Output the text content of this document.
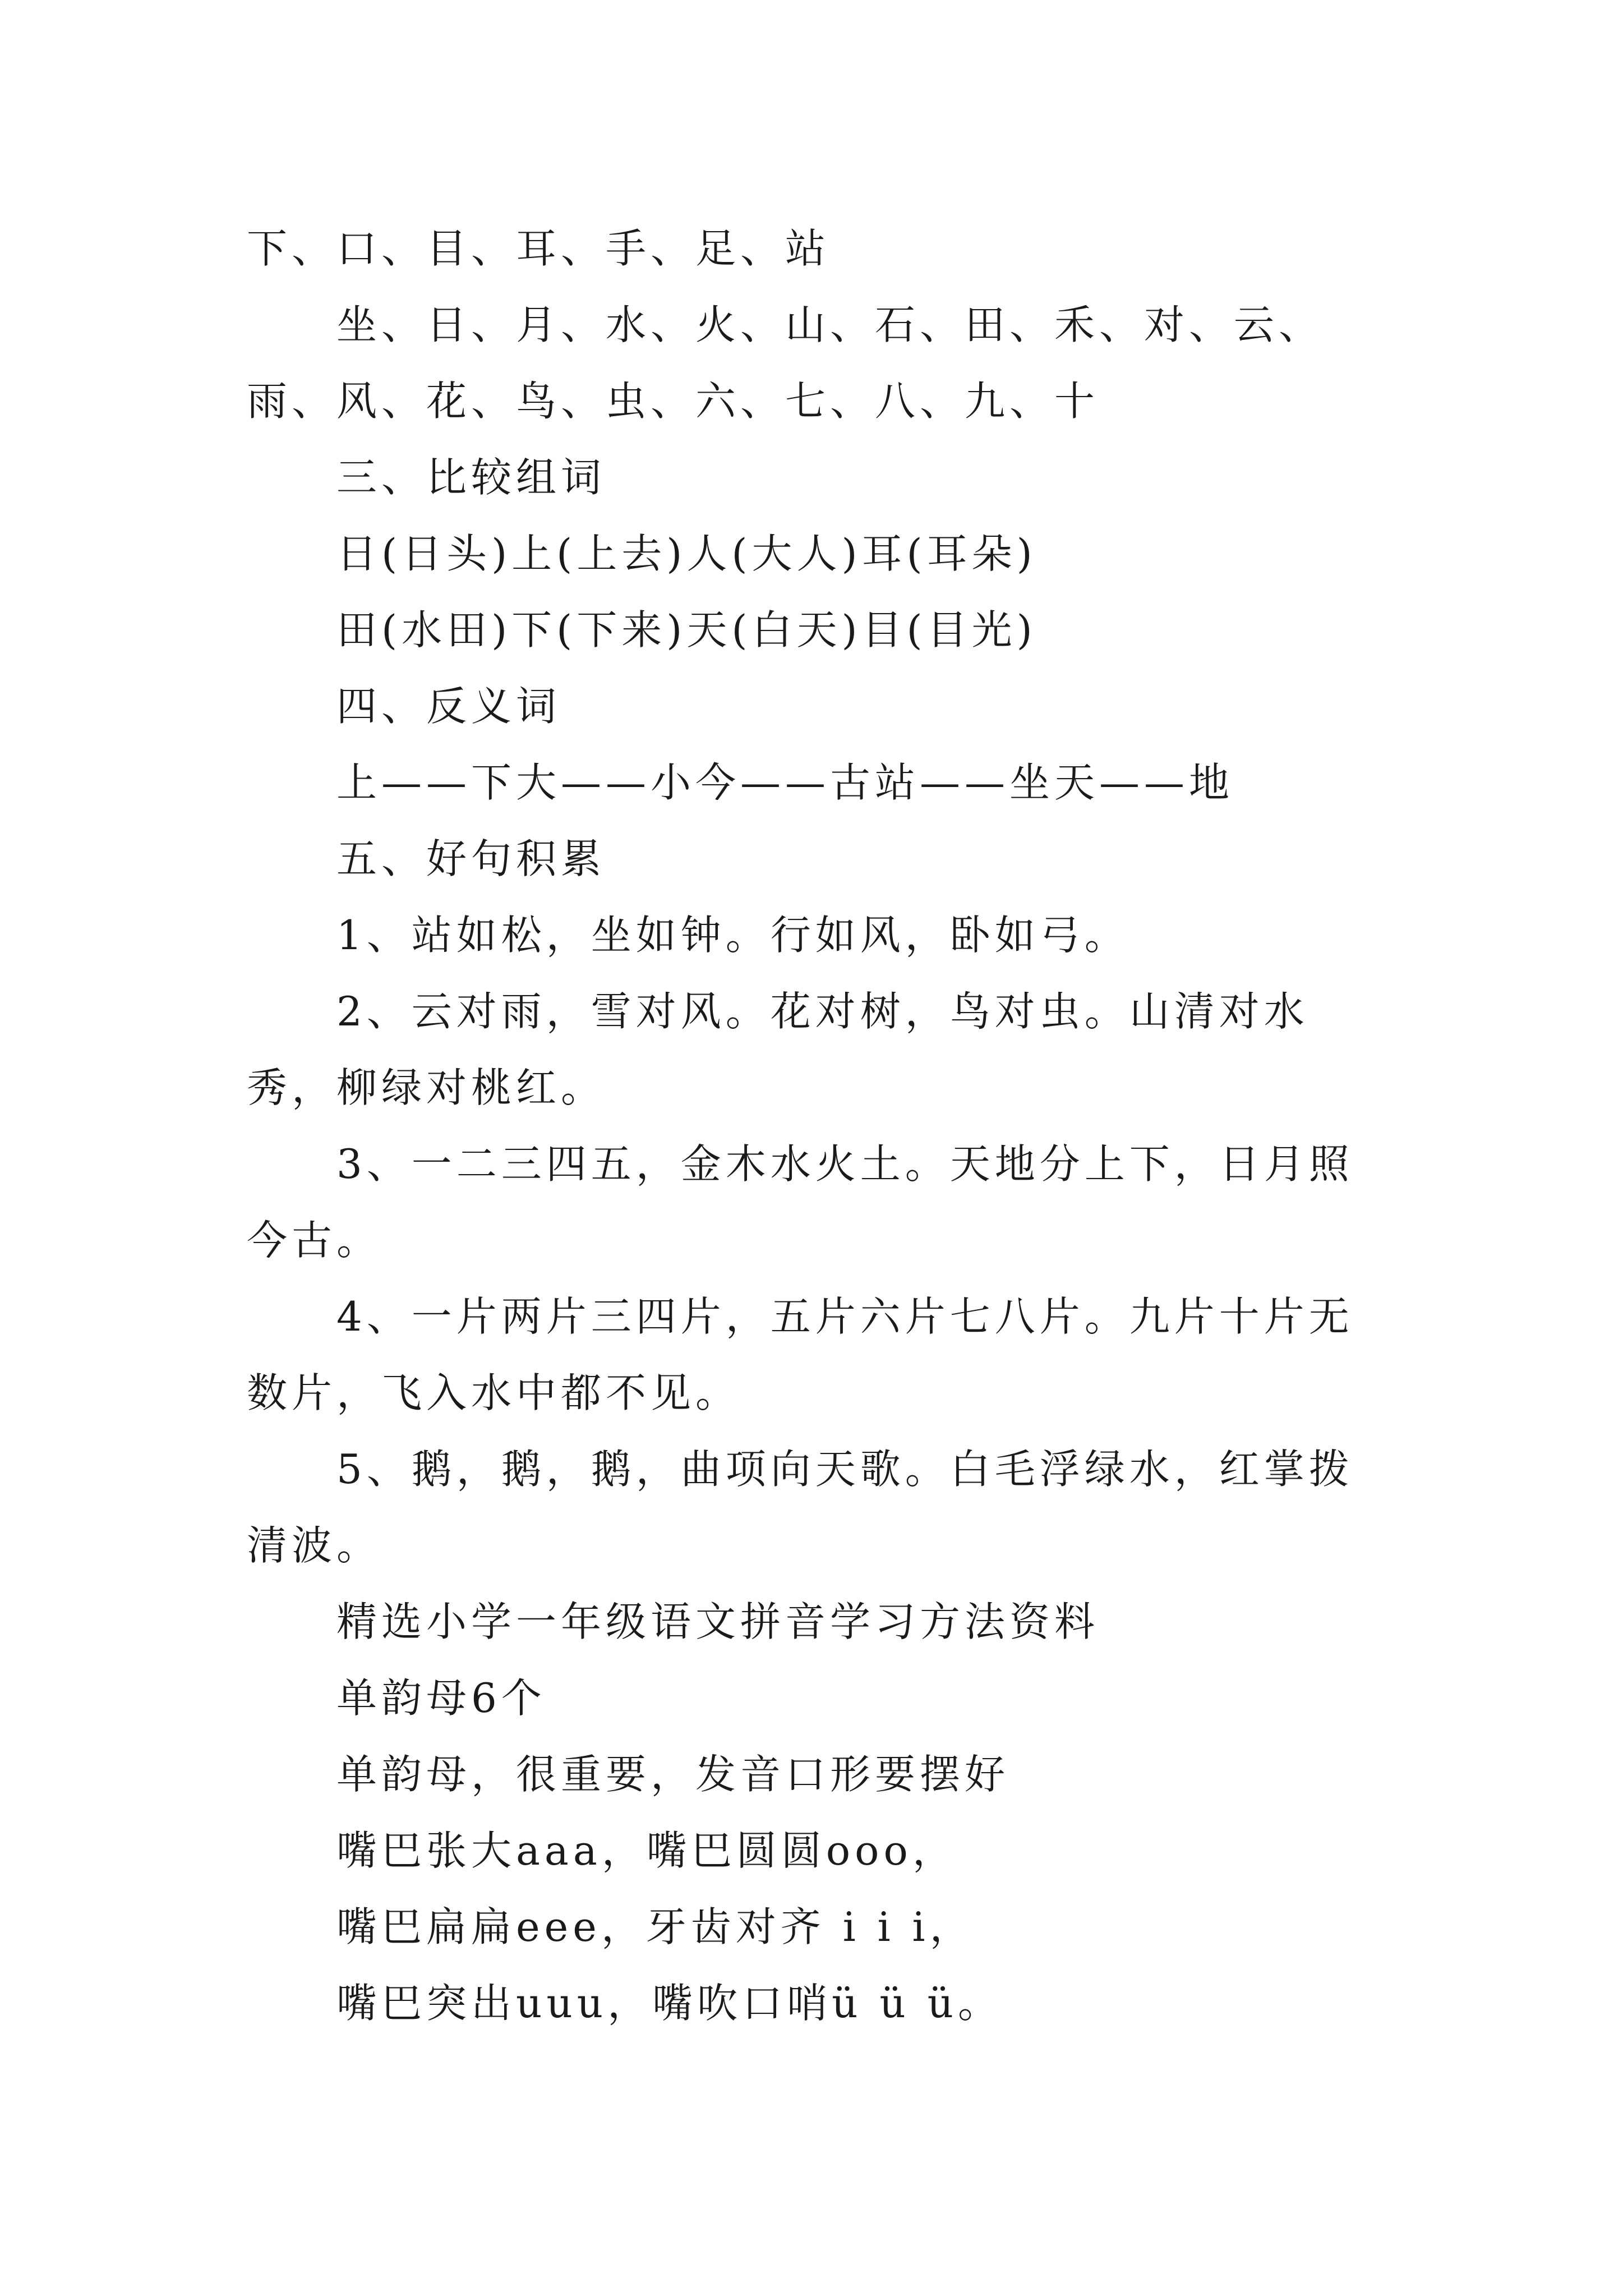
下、口、目、耳、手、足、站

坐、日、月、水、火、山、石、田、禾、对、云、雨、风、花、鸟、虫、六、七、八、九、十

三、比较组词

日(日头)上(上去)人(大人)耳(耳朵)

田(水田)下(下来)天(白天)目(目光)

四、反义词

上——下大——小今——古站——坐天——地

五、好句积累

1、站如松，坐如钟。行如风，卧如弓。

2、云对雨，雪对风。花对树，鸟对虫。山清对水秀，柳绿对桃红。

3、一二三四五，金木水火土。天地分上下，日月照今古。

4、一片两片三四片，五片六片七八片。九片十片无数片，飞入水中都不见。

5、鹅，鹅，鹅，曲项向天歌。白毛浮绿水，红掌拨清波。

精选小学一年级语文拼音学习方法资料

单韵母6个

单韵母，很重要，发音口形要摆好

嘴巴张大aaa，嘴巴圆圆ooo，

嘴巴扁扁eee，牙齿对齐 i i i，

嘴巴突出uuu，嘴吹口哨ü ü ü。
